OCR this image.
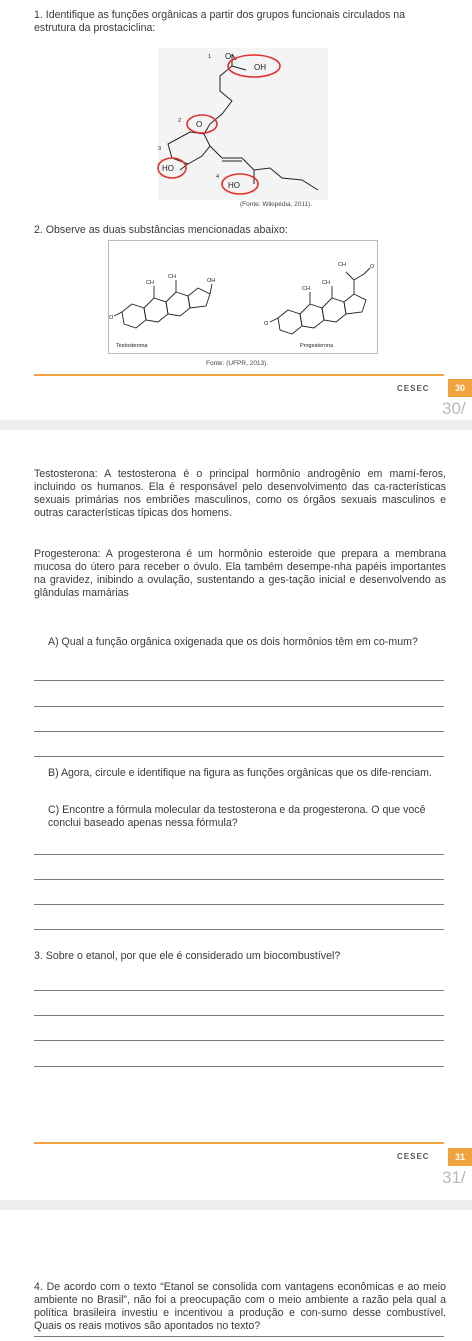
1. Identifique as funções orgânicas a partir dos grupos funcionais circulados na estrutura da prostaciclina:
O
OH
O
HO
HO
1
2
3
4
(Fonte: Wikipédia, 2011).
2. Observe as duas substâncias mencionadas abaixo:
OH
CH
CH
O
Testosterona
O
CH
CH
CH
O
Progesterona
Fonte: (UFPR, 2013).
CESEC	30
30/
Testosterona: A testosterona é o principal hormônio androgênio em mamí-feros, incluindo os humanos. Ela é responsável pelo desenvolvimento das ca-racterísticas sexuais primárias nos embriões masculinos, como os órgãos sexuais masculinos e outras características típicas dos homens.
Progesterona: A progesterona é um hormônio esteroide que prepara a membrana mucosa do útero para receber o óvulo. Ela também desempe-nha papéis importantes na gravidez, inibindo a ovulação, sustentando a ges-tação inicial e desenvolvendo as glândulas mamárias
A) Qual a função orgânica oxigenada que os dois hormônios têm em co-mum?
B) Agora, circule e identifique na figura as funções orgânicas que os dife-renciam.
C) Encontre a fórmula molecular da testosterona e da progesterona. O que você conclui baseado apenas nessa fórmula?
3. Sobre o etanol, por que ele é considerado um biocombustível?
CESEC	31
31/
4. De acordo com o texto “Etanol se consolida com vantagens econômicas e ao meio ambiente no Brasil”, não foi a preocupação com o meio ambiente a razão pela qual a política brasileira investiu e incentivou a produção e con-sumo desse combustível. Quais os reais motivos são apontados no texto?
